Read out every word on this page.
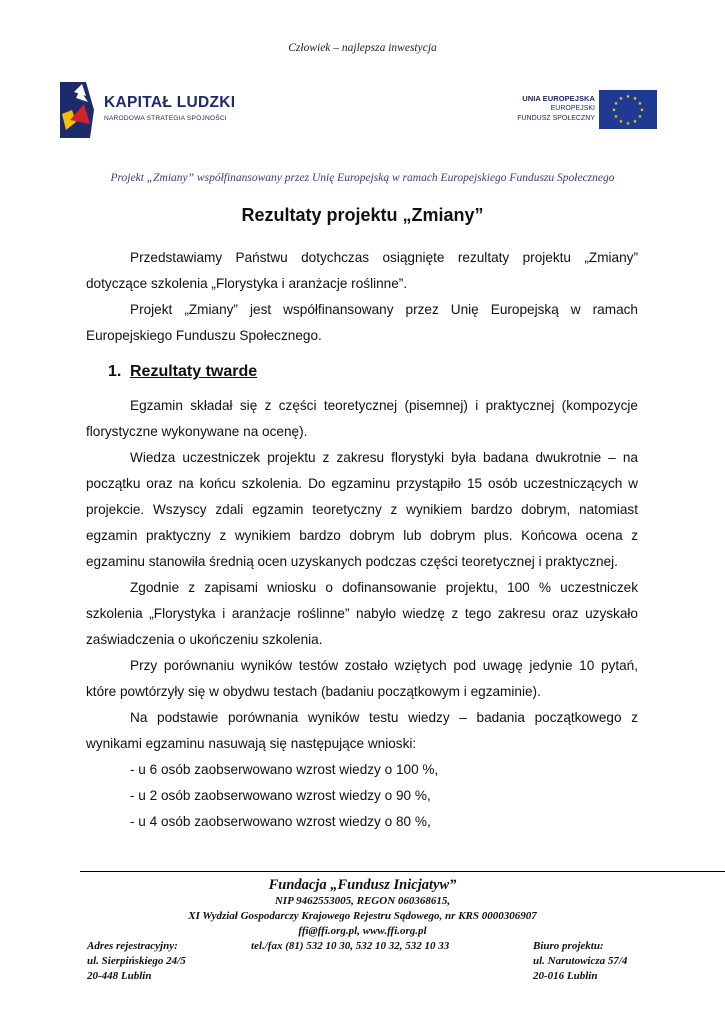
Człowiek – najlepsza inwestycja
KAPITAŁ LUDZKI
NARODOWA STRATEGIA SPÓJNOŚCI
UNIA EUROPEJSKA
EUROPEJSKI
FUNDUSZ SPOŁECZNY
★ ★
★
★
★
★
★
★
★
★
★
★
Projekt „Zmiany” współfinansowany przez Unię Europejską w ramach Europejskiego Funduszu Społecznego
Rezultaty projektu „Zmiany”

Przedstawiamy Państwu dotychczas osiągnięte rezultaty projektu „Zmiany” dotyczące szkolenia „Florystyka i aranżacje roślinne”.

Projekt „Zmiany” jest współfinansowany przez Unię Europejską w ramach Europejskiego Funduszu Społecznego.

1. Rezultaty twarde

Egzamin składał się z części teoretycznej (pisemnej) i praktycznej (kompozycje florystyczne wykonywane na ocenę).

Wiedza uczestniczek projektu z zakresu florystyki była badana dwukrotnie – na początku oraz na końcu szkolenia. Do egzaminu przystąpiło 15 osób uczestniczących w projekcie. Wszyscy zdali egzamin teoretyczny z wynikiem bardzo dobrym, natomiast egzamin praktyczny z wynikiem bardzo dobrym lub dobrym plus. Końcowa ocena z egzaminu stanowiła średnią ocen uzyskanych podczas części teoretycznej i praktycznej.

Zgodnie z zapisami wniosku o dofinansowanie projektu, 100 % uczestniczek szkolenia „Florystyka i aranżacje roślinne” nabyło wiedzę z tego zakresu oraz uzyskało zaświadczenia o ukończeniu szkolenia.

Przy porównaniu wyników testów zostało wziętych pod uwagę jedynie 10 pytań, które powtórzyły się w obydwu testach (badaniu początkowym i egzaminie).

Na podstawie porównania wyników testu wiedzy – badania początkowego z wynikami egzaminu nasuwają się następujące wnioski:

- u 6 osób zaobserwowano wzrost wiedzy o 100 %,
- u 2 osób zaobserwowano wzrost wiedzy o 90 %,
- u 4 osób zaobserwowano wzrost wiedzy o 80 %,
Fundacja „Fundusz Inicjatyw”
NIP 9462553005, REGON 060368615,
XI Wydział Gospodarczy Krajowego Rejestru Sądowego, nr KRS 0000306907
ffi@ffi.org.pl, www.ffi.org.pl
Adres rejestracyjny:
ul. Sierpińskiego 24/5
20-448 Lublin
tel./fax (81) 532 10 30, 532 10 32, 532 10 33	Biuro projektu:
ul. Narutowicza 57/4
20-016 Lublin
